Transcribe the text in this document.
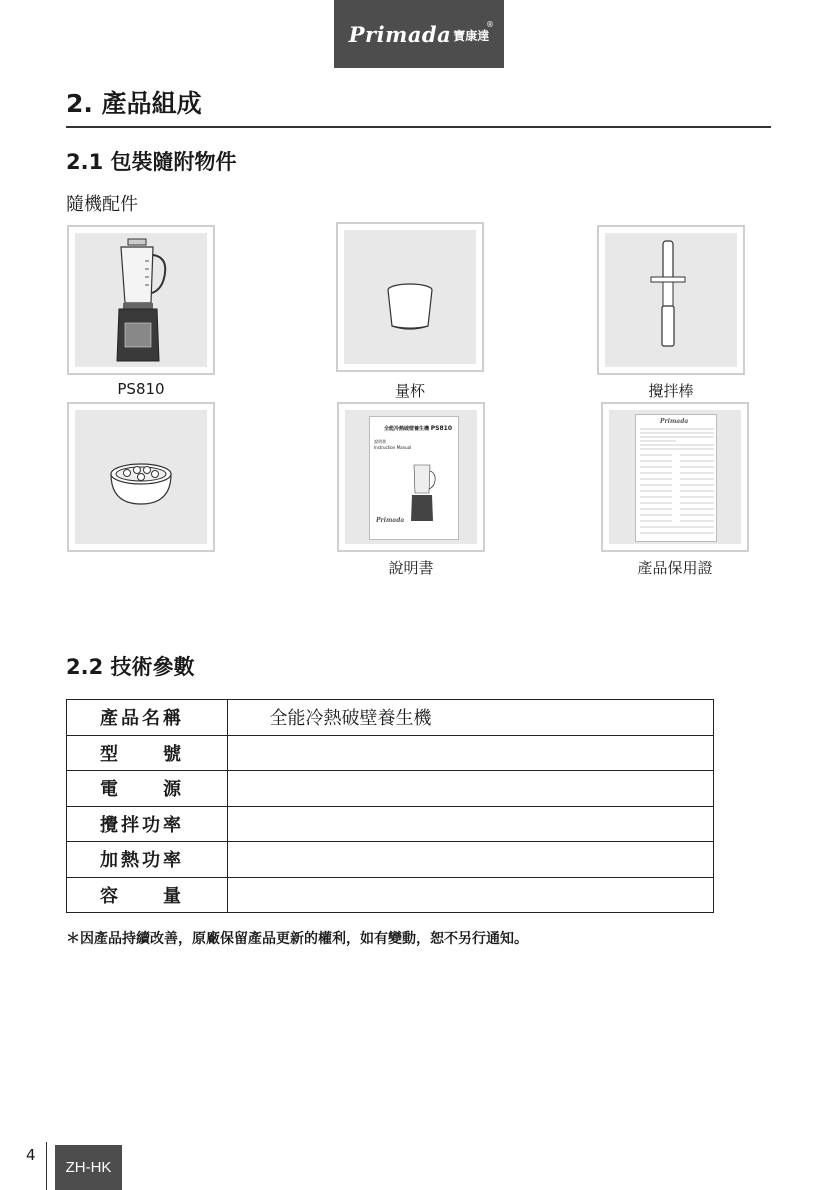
Primada 寶康達
®
2. 產品組成
2.1 包裝隨附物件
隨機配件
PS810	量杯	攪拌棒
全能冷熱破壁養生機 PS810
說明書
Instruction Manual
Primada
說明書
Primada
產品保用證
2.2 技術參數
產品名稱	全能冷熱破壁養生機
型　　號	
電　　源	
攪拌功率	
加熱功率	
容　　量	
＊因產品持續改善，原廠保留產品更新的權利，如有變動，恕不另行通知。
4
ZH-HK
